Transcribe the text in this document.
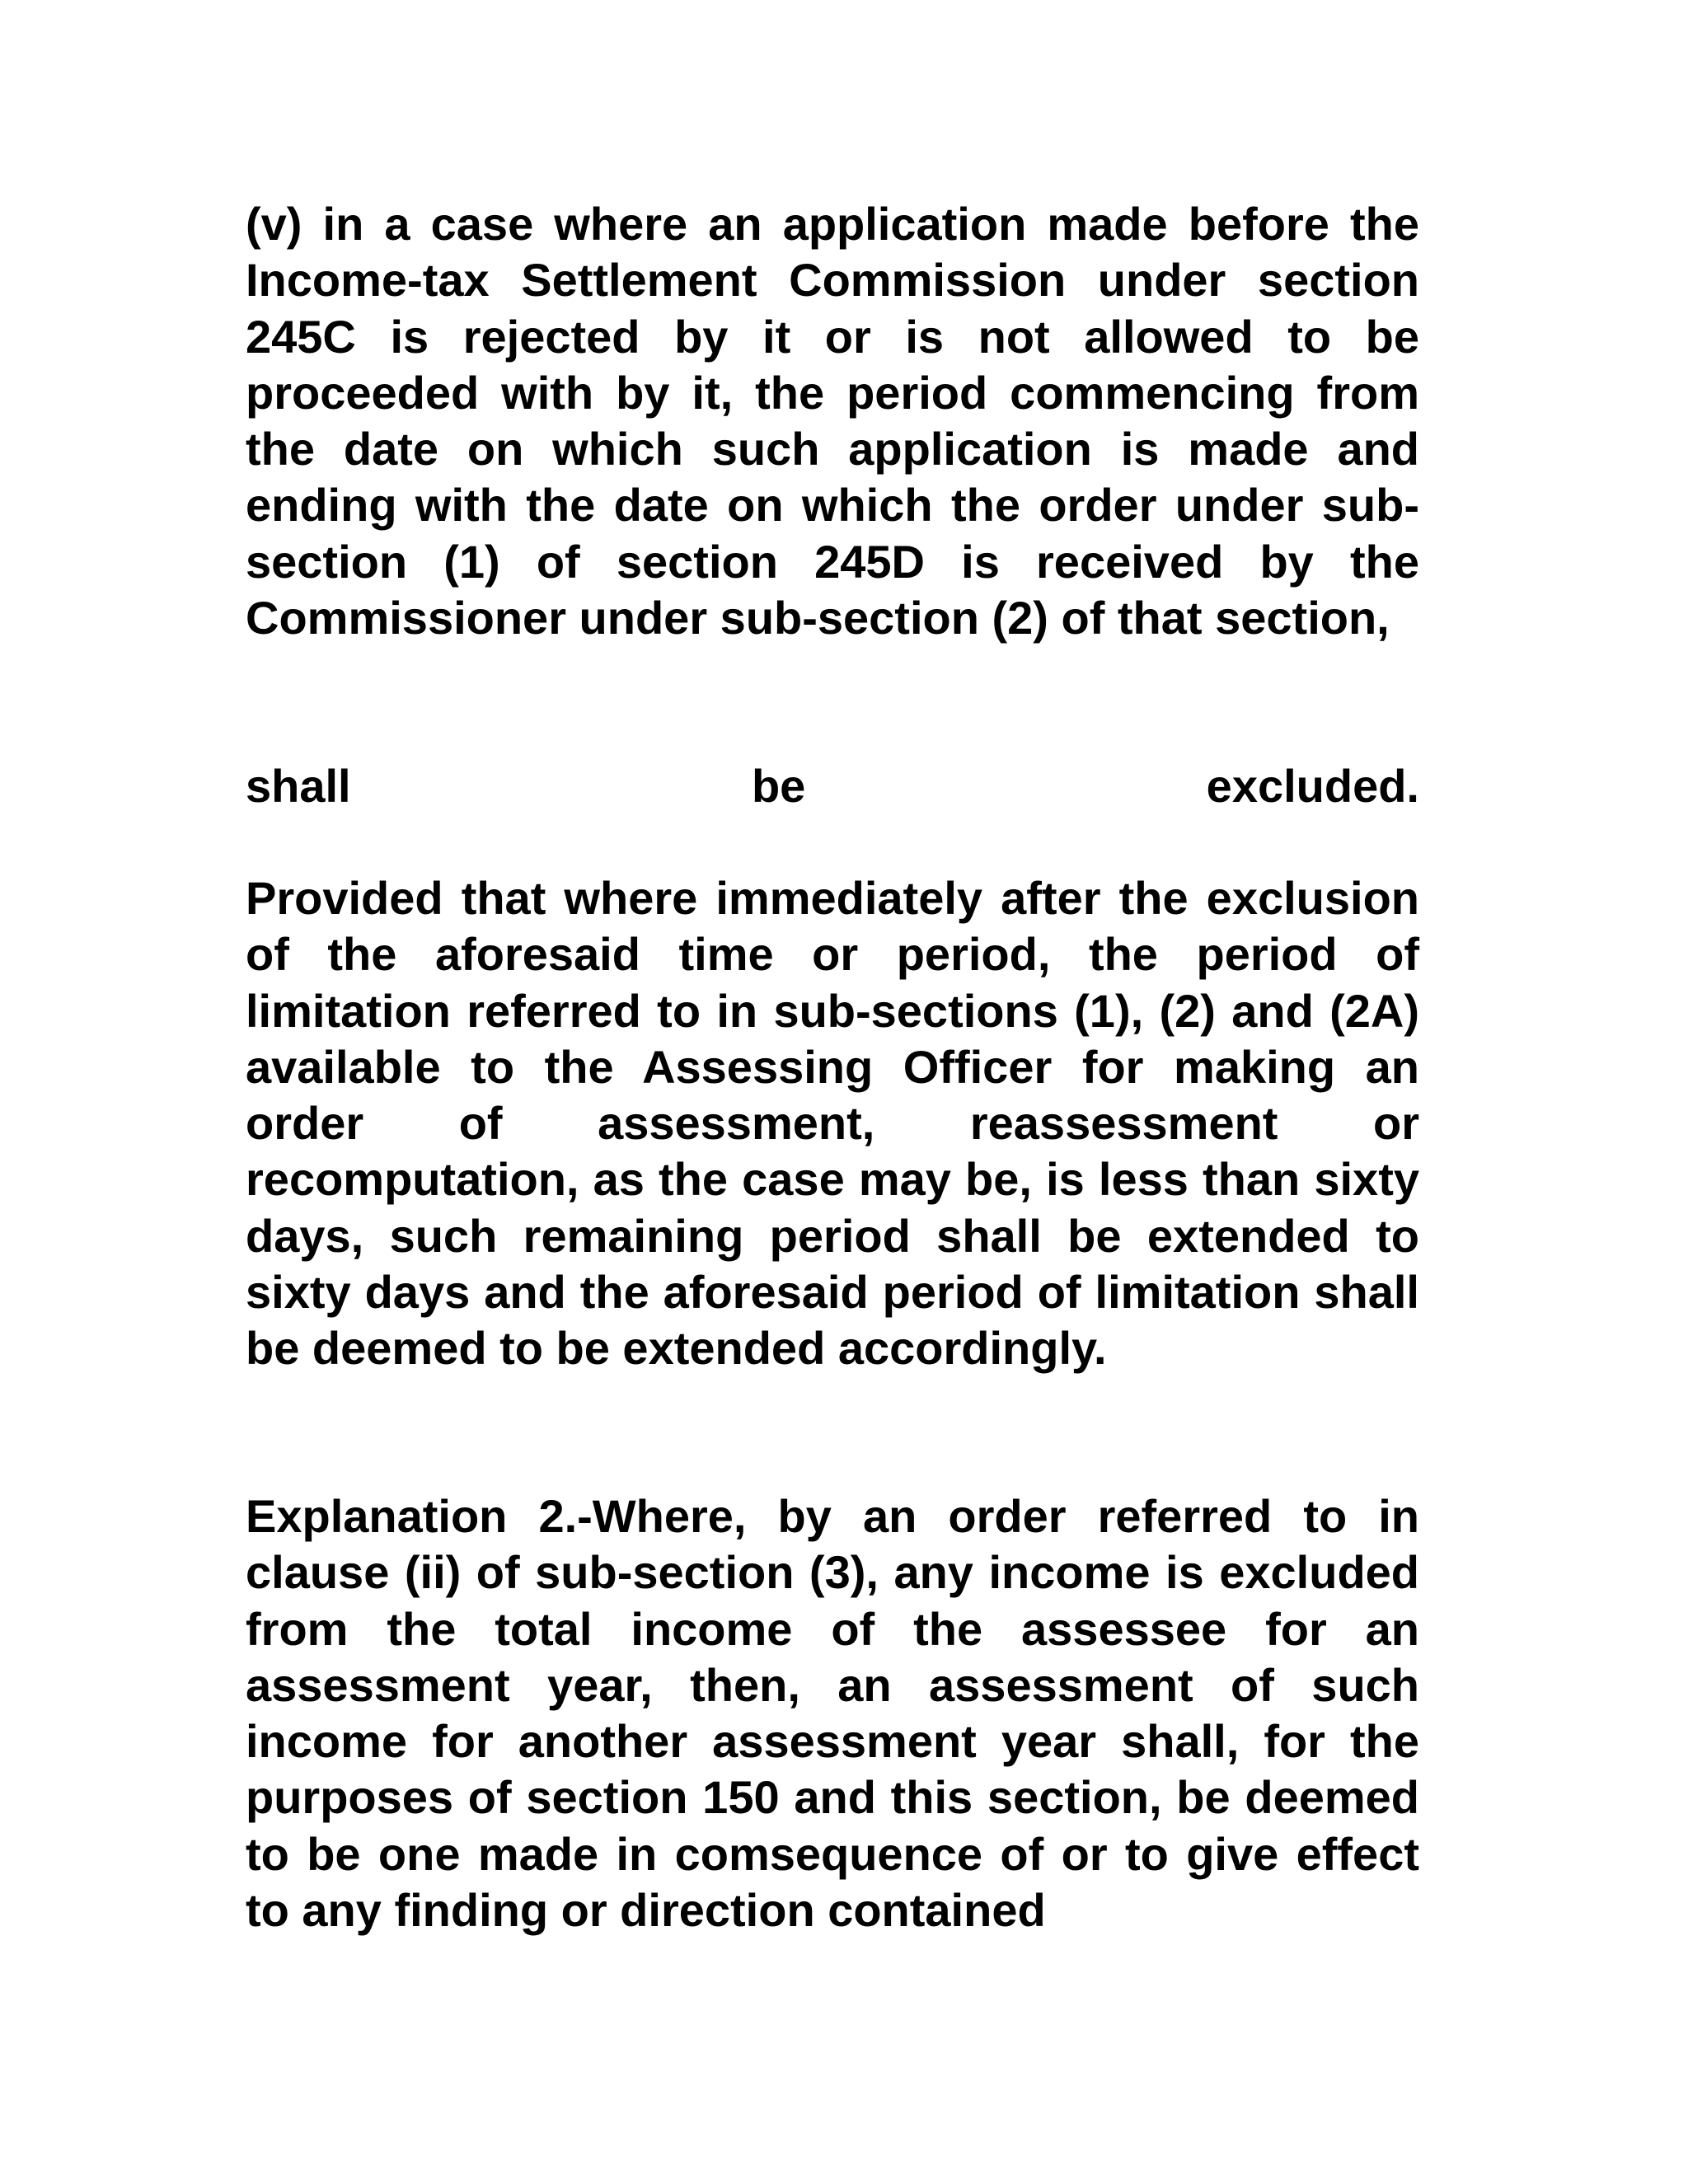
(v) in a case where an application made before the Income-tax Settlement Commission under section 245C is rejected by it or is not allowed to be proceeded with by it, the period commencing from the date on which such application is made and ending with the date on which the order under sub-section (1) of section 245D is received by the Commissioner under sub-section (2) of that section,

shall be excluded.

Provided that where immediately after the exclusion of the aforesaid time or period, the period of limitation referred to in sub-sections (1), (2) and (2A) available to the Assessing Officer for making an order of assessment, reassessment or recomputation, as the case may be, is less than sixty days, such remaining period shall be extended to sixty days and the aforesaid period of limitation shall be deemed to be extended accordingly.

Explanation 2.-Where, by an order referred to in clause (ii) of sub-section (3), any income is excluded from the total income of the assessee for an assessment year, then, an assessment of such income for another assessment year shall, for the purposes of section 150 and this section, be deemed to be one made in comsequence of or to give effect to any finding or direction contained
